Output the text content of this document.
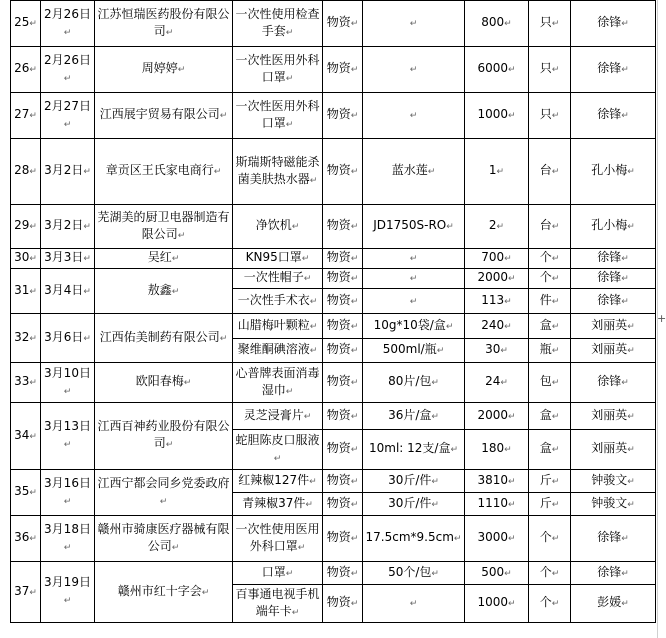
+
25↵	2月26日↵	江苏恒瑞医药股份有限公司↵	一次性使用检查手套↵	物资↵	↵	800↵	只↵	徐锋↵
26↵	2月26日↵	周婷婷↵	一次性医用外科口罩↵	物资↵	↵	6000↵	只↵	徐锋↵
27↵	2月27日↵	江西展宇贸易有限公司↵	一次性医用外科口罩↵	物资↵	↵	1000↵	只↵	徐锋↵
28↵	3月2日↵	章贡区王氏家电商行↵	斯瑞斯特磁能杀菌美肤热水器↵	物资↵	蓝水莲↵	1↵	台↵	孔小梅↵
29↵	3月2日↵	芜湖美的厨卫电器制造有限公司↵	净饮机↵	物资↵	JD1750S-RO↵	2↵	台↵	孔小梅↵
30↵	3月3日↵	吴红↵	KN95口罩↵	物资↵	↵	700↵	个↵	徐锋↵
31↵	3月4日↵	敖鑫↵	一次性帽子↵	物资↵	↵	2000↵	个↵	徐锋↵
			一次性手术衣↵	物资↵	↵	113↵	件↵	徐锋↵
32↵	3月6日↵	江西佑美制药有限公司↵	山腊梅叶颗粒↵	物资↵	10g*10袋/盒↵	240↵	盒↵	刘丽英↵
			聚维酮碘溶液↵	物资↵	500ml/瓶↵	30↵	瓶↵	刘丽英↵
33↵	3月10日↵	欧阳春梅↵	心普牌表面消毒湿巾↵	物资↵	80片/包↵	24↵	包↵	徐锋↵
34↵	3月13日↵	江西百神药业股份有限公司↵	灵芝浸膏片↵	物资↵	36片/盒↵	2000↵	盒↵	刘丽英↵
			蛇胆陈皮口服液↵	物资↵	10ml: 12支/盒↵	180↵	盒↵	刘丽英↵
35↵	3月16日↵	江西宁都会同乡党委政府↵	红辣椒127件↵	物资↵	30斤/件↵	3810↵	斤↵	钟骏文↵
			青辣椒37件↵	物资↵	30斤/件↵	1110↵	斤↵	钟骏文↵
36↵	3月18日↵	赣州市骑康医疗器械有限公司↵	一次性使用医用外科口罩↵	物资↵	17.5cm*9.5cm↵	3000↵	个↵	徐锋↵
37↵	3月19日↵	赣州市红十字会↵	口罩↵	物资↵	50个/包↵	500↵	个↵	徐锋↵
			百事通电视手机端年卡↵	物资↵	↵	1000↵	个↵	彭媛↵
